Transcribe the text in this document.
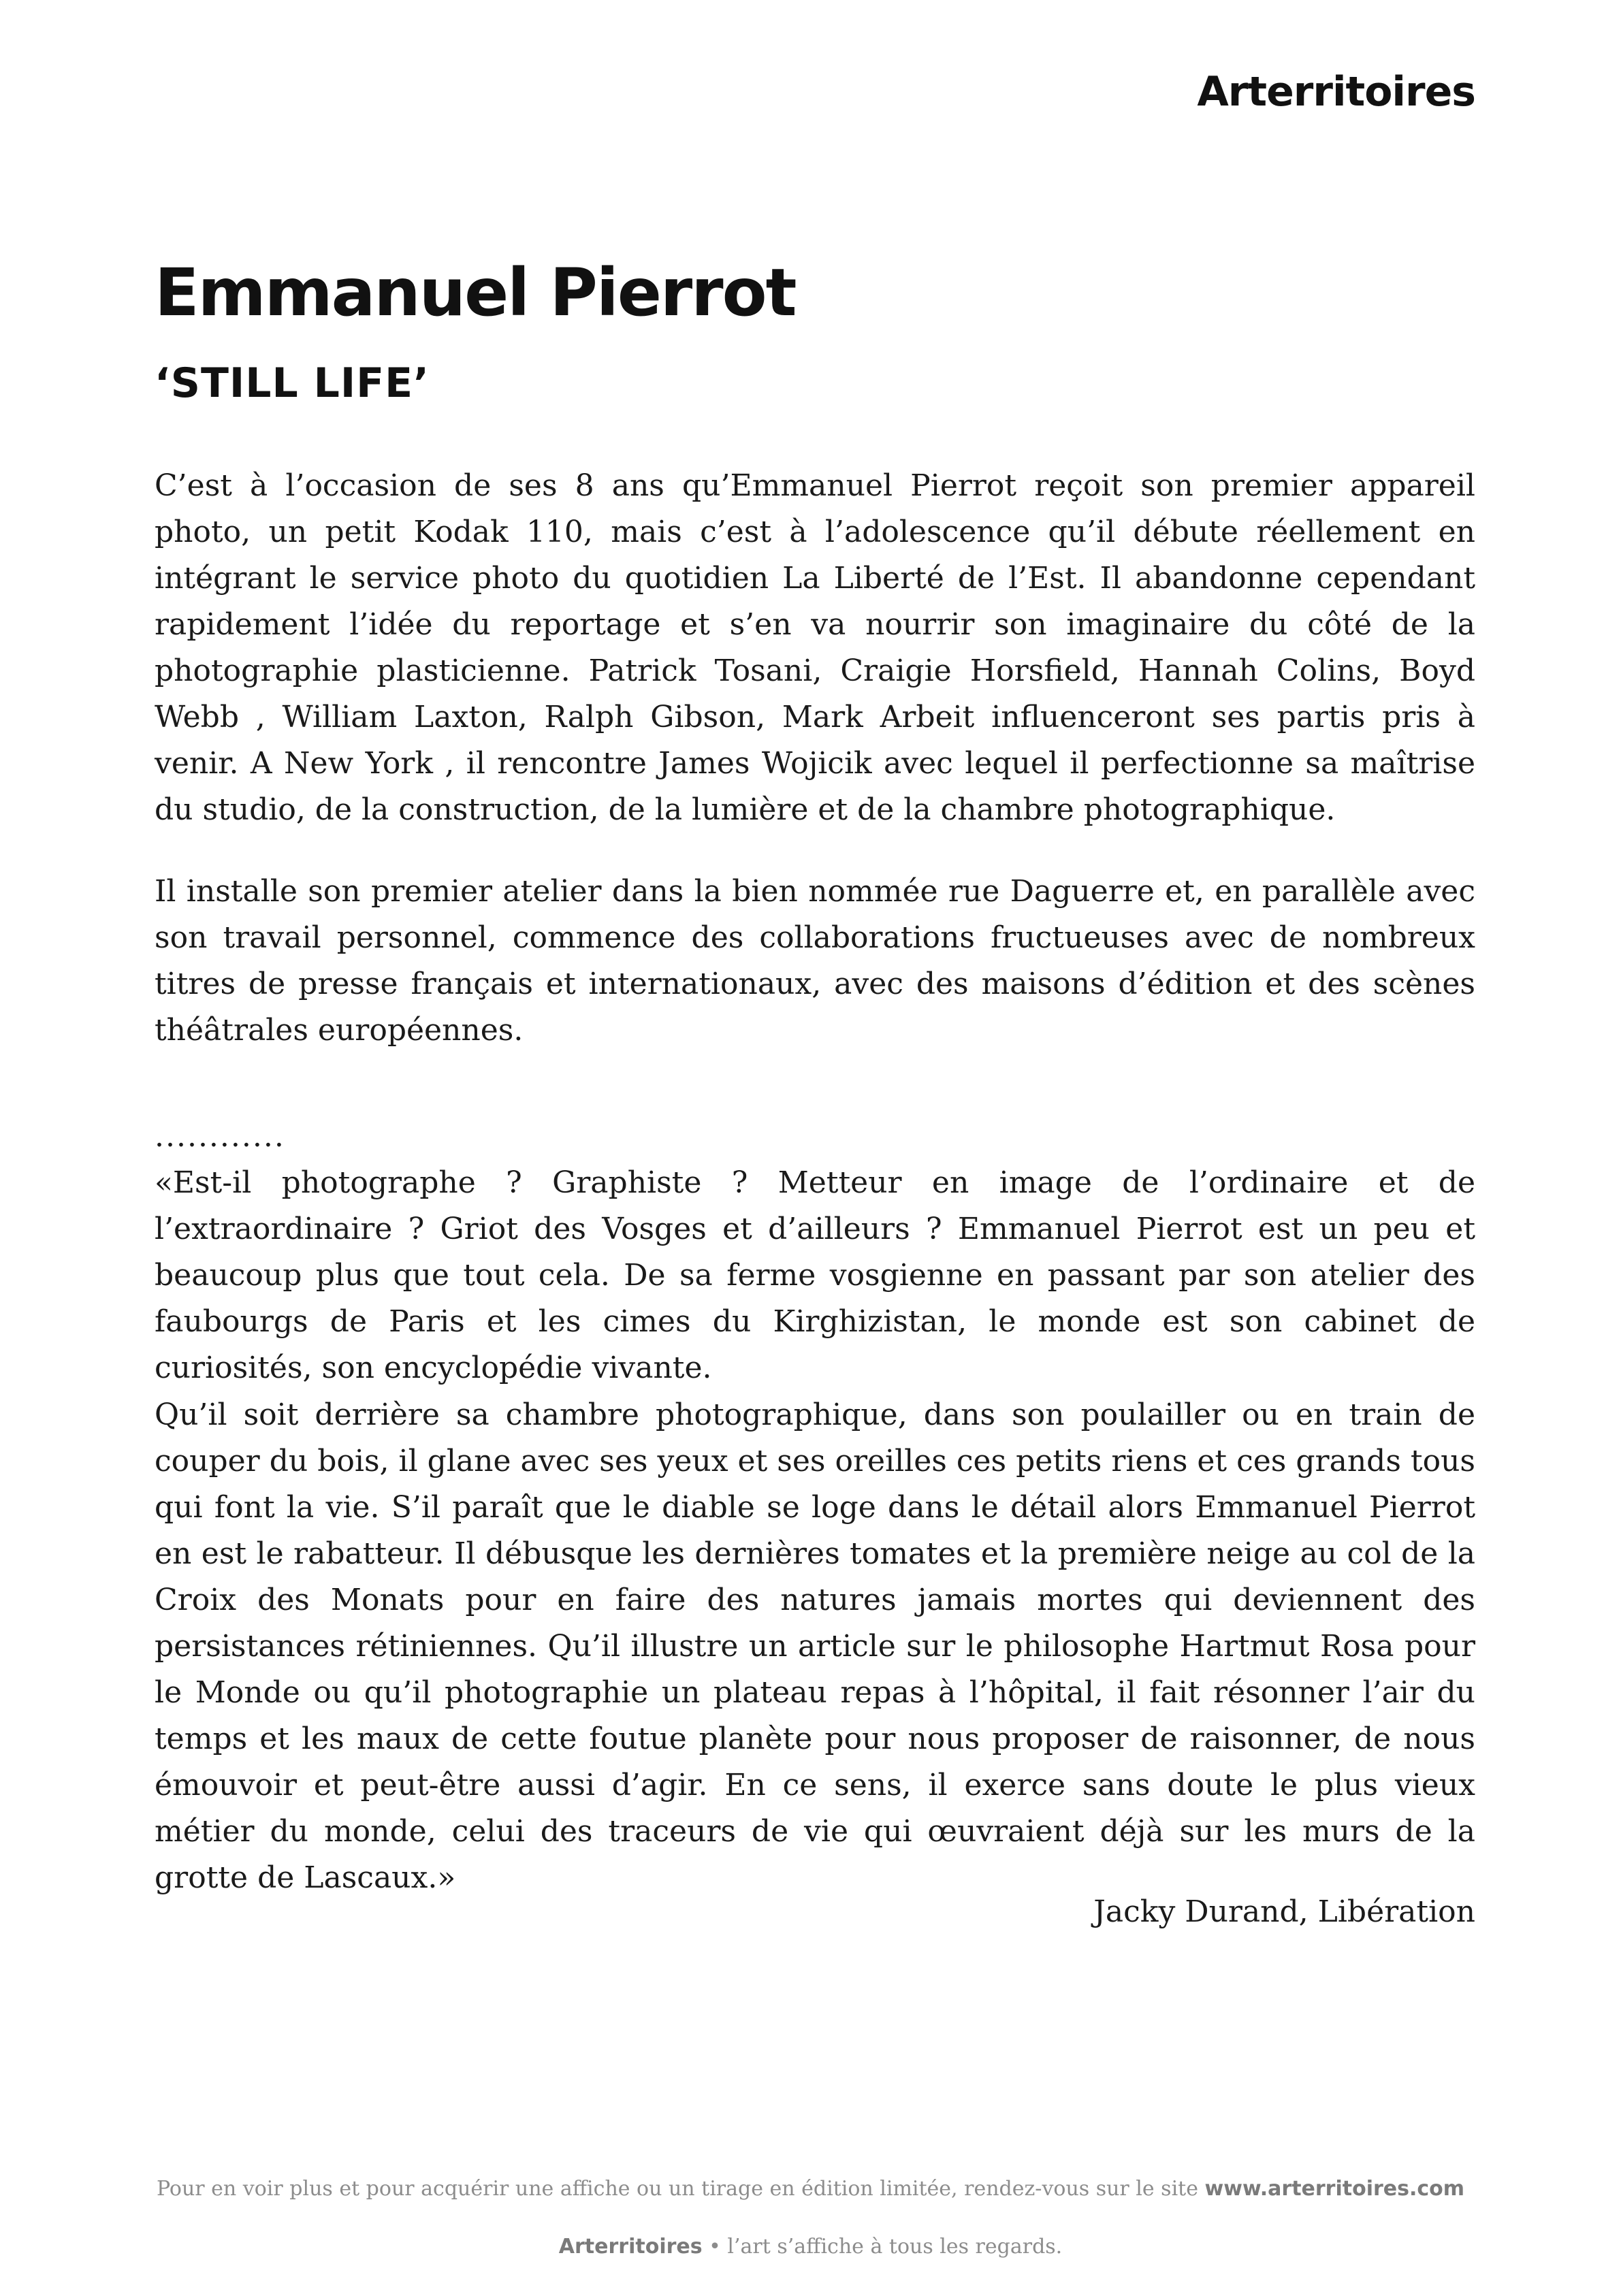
Arterritoires
Emmanuel Pierrot
‘STILL LIFE’

C’est à l’occasion de ses 8 ans qu’Emmanuel Pierrot reçoit son premier appareil photo, un petit Kodak 110, mais c’est à l’adolescence qu’il débute réellement en intégrant le service photo du quotidien La Liberté de l’Est. Il abandonne cependant rapidement l’idée du reportage et s’en va nourrir son imaginaire du côté de la photographie plasticienne. Patrick Tosani, Craigie Horsfield, Hannah Colins, Boyd Webb , William Laxton, Ralph Gibson, Mark Arbeit influenceront ses partis pris à venir. A New York , il rencontre James Wojicik avec lequel il perfectionne sa maîtrise du studio, de la construction, de la lumière et de la chambre photographique.

Il installe son premier atelier dans la bien nommée rue Daguerre et, en parallèle avec son travail personnel, commence des collaborations fructueuses avec de nombreux titres de presse français et internationaux, avec des maisons d’édition et des scènes théâtrales européennes.

............

«Est-il photographe ? Graphiste ? Metteur en image de l’ordinaire et de l’extraordinaire ? Griot des Vosges et d’ailleurs ? Emmanuel Pierrot est un peu et beaucoup plus que tout cela. De sa ferme vosgienne en passant par son atelier des faubourgs de Paris et les cimes du Kirghizistan, le monde est son cabinet de curiosités, son encyclopédie vivante.

Qu’il soit derrière sa chambre photographique, dans son poulailler ou en train de couper du bois, il glane avec ses yeux et ses oreilles ces petits riens et ces grands tous qui font la vie. S’il paraît que le diable se loge dans le détail alors Emmanuel Pierrot en est le rabatteur. Il débusque les dernières tomates et la première neige au col de la Croix des Monats pour en faire des natures jamais mortes qui deviennent des persistances rétiniennes. Qu’il illustre un article sur le philosophe Hartmut Rosa pour le Monde ou qu’il photographie un plateau repas à l’hôpital, il fait résonner l’air du temps et les maux de cette foutue planète pour nous proposer de raisonner, de nous émouvoir et peut-être aussi d’agir. En ce sens, il exerce sans doute le plus vieux métier du monde, celui des traceurs de vie qui œuvraient déjà sur les murs de la grotte de Lascaux.»

Jacky Durand, Libération

Pour en voir plus et pour acquérir une affiche ou un tirage en édition limitée, rendez-vous sur le site www.arterritoires.com

Arterritoires • l’art s’affiche à tous les regards.
